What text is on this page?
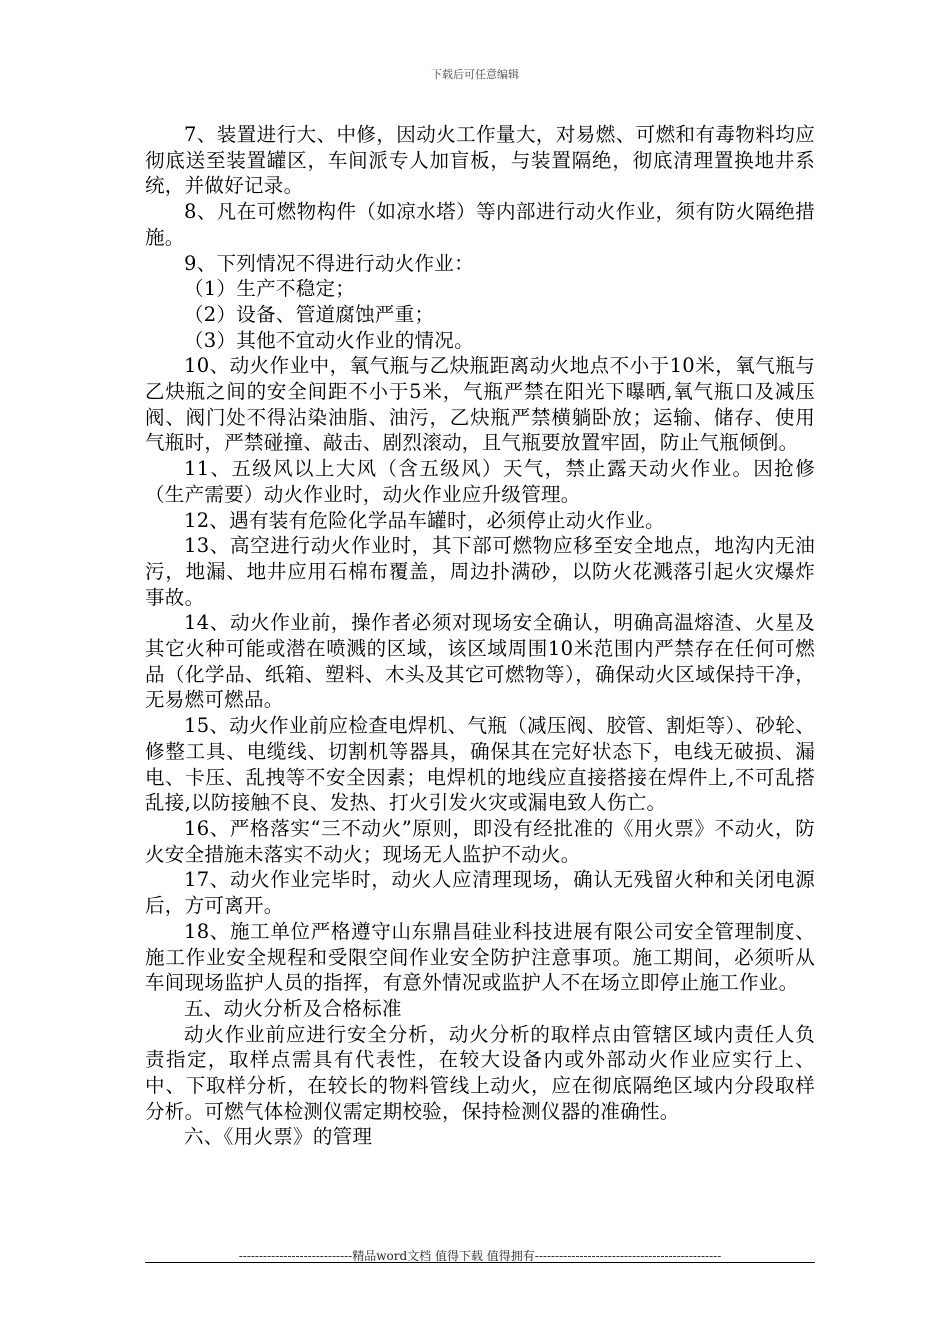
下载后可任意编辑

7、装置进行大、中修，因动火工作量大，对易燃、可燃和有毒物料均应彻底送至装置罐区，车间派专人加盲板，与装置隔绝，彻底清理置换地井系统，并做好记录。

8、凡在可燃物构件（如凉水塔）等内部进行动火作业，须有防火隔绝措施。

9、下列情况不得进行动火作业：

（1）生产不稳定；

（2）设备、管道腐蚀严重；

（3）其他不宜动火作业的情况。

10、动火作业中，氧气瓶与乙炔瓶距离动火地点不小于10米，氧气瓶与乙炔瓶之间的安全间距不小于5米，气瓶严禁在阳光下曝晒,氧气瓶口及减压阀、阀门处不得沾染油脂、油污，乙炔瓶严禁横躺卧放；运输、储存、使用气瓶时，严禁碰撞、敲击、剧烈滚动，且气瓶要放置牢固，防止气瓶倾倒。

11、五级风以上大风（含五级风）天气，禁止露天动火作业。因抢修（生产需要）动火作业时，动火作业应升级管理。

12、遇有装有危险化学品车罐时，必须停止动火作业。

13、高空进行动火作业时，其下部可燃物应移至安全地点，地沟内无油污，地漏、地井应用石棉布覆盖，周边扑满砂，以防火花溅落引起火灾爆炸事故。

14、动火作业前，操作者必须对现场安全确认，明确高温熔渣、火星及其它火种可能或潜在喷溅的区域，该区域周围10米范围内严禁存在任何可燃品（化学品、纸箱、塑料、木头及其它可燃物等），确保动火区域保持干净，无易燃可燃品。

15、动火作业前应检查电焊机、气瓶（减压阀、胶管、割炬等）、砂轮、修整工具、电缆线、切割机等器具，确保其在完好状态下，电线无破损、漏电、卡压、乱拽等不安全因素；电焊机的地线应直接搭接在焊件上,不可乱搭乱接,以防接触不良、发热、打火引发火灾或漏电致人伤亡。

16、严格落实“三不动火”原则，即没有经批准的《用火票》不动火，防火安全措施未落实不动火；现场无人监护不动火。

17、动火作业完毕时，动火人应清理现场，确认无残留火种和关闭电源后，方可离开。

18、施工单位严格遵守山东鼎昌硅业科技进展有限公司安全管理制度、施工作业安全规程和受限空间作业安全防护注意事项。施工期间，必须听从车间现场监护人员的指挥，有意外情况或监护人不在场立即停止施工作业。

五、动火分析及合格标准

动火作业前应进行安全分析，动火分析的取样点由管辖区域内责任人负责指定，取样点需具有代表性，在较大设备内或外部动火作业应实行上、中、下取样分析，在较长的物料管线上动火，应在彻底隔绝区域内分段取样分析。可燃气体检测仪需定期校验，保持检测仪器的准确性。

六、《用火票》的管理

----------------------------精品word文档 值得下载 值得拥有----------------------------------------------
